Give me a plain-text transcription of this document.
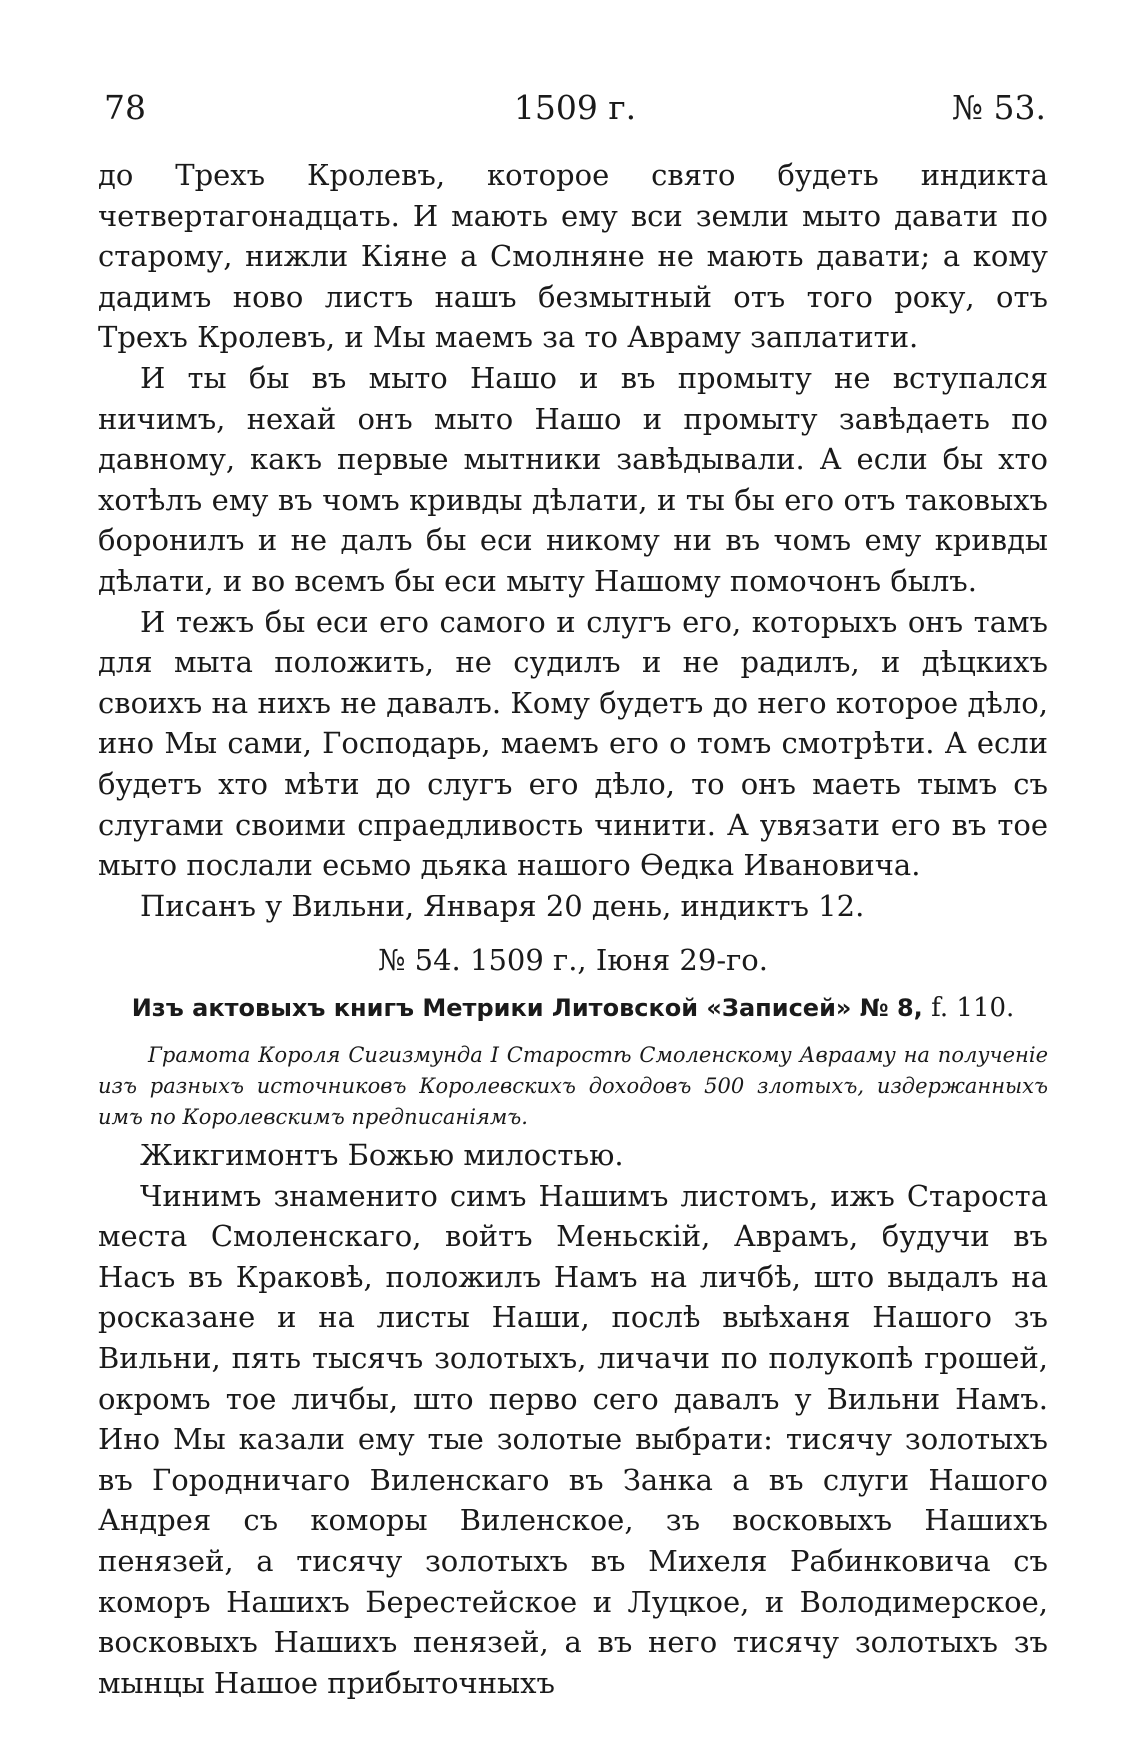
78	1509 г.	№ 53.

до Трехъ Кролевъ, которое свято будеть индикта четвертагонадцать. И мають ему вси земли мыто давати по старому, нижли Кіяне а Смолняне не мають давати; а кому дадимъ ново листъ нашъ безмытный отъ того року, отъ Трехъ Кролевъ, и Мы маемъ за то Авраму заплатити.

И ты бы въ мыто Нашо и въ промыту не вступался ничимъ, нехай онъ мыто Нашо и промыту завѣдаеть по давному, какъ первые мытники завѣдывали. А если бы хто хотѣлъ ему въ чомъ кривды дѣлати, и ты бы его отъ таковыхъ боронилъ и не далъ бы еси никому ни въ чомъ ему кривды дѣлати, и во всемъ бы еси мыту Нашому помочонъ былъ.

И тежъ бы еси его самого и слугъ его, которыхъ онъ тамъ для мыта положить, не судилъ и не радилъ, и дѣцкихъ своихъ на нихъ не давалъ. Кому будетъ до него которое дѣло, ино Мы сами, Господарь, маемъ его о томъ смотрѣти. А если будетъ хто мѣти до слугъ его дѣло, то онъ маеть тымъ съ слугами своими спраедливость чинити. А увязати его въ тое мыто послали есьмо дьяка нашого Ѳедка Ивановича.

Писанъ у Вильни, Января 20 день, индиктъ 12.

№ 54. 1509 г., Іюня 29-го.
Изъ актовыхъ книгъ Метрики Литовской «Записей» № 8, f. 110.
Грамота Короля Сигизмунда I Старостѣ Смоленскому Аврааму на полученіе изъ разныхъ источниковъ Королевскихъ доходовъ 500 злотыхъ, издержанныхъ имъ по Королевскимъ предписаніямъ.

Жикгимонтъ Божью милостью.

Чинимъ знаменито симъ Нашимъ листомъ, ижъ Староста места Смоленскаго, войтъ Меньскій, Аврамъ, будучи въ Насъ въ Краковѣ, положилъ Намъ на личбѣ, што выдалъ на росказане и на листы Наши, послѣ выѣханя Нашого зъ Вильни, пять тысячъ золотыхъ, личачи по полукопѣ грошей, окромъ тое личбы, што перво сего давалъ у Вильни Намъ. Ино Мы казали ему тые золотые выбрати: тисячу золотыхъ въ Городничаго Виленскаго въ Занка а въ слуги Нашого Андрея съ коморы Виленское, зъ восковыхъ Нашихъ пенязей, а тисячу золотыхъ въ Михеля Рабинковича съ коморъ Нашихъ Берестейское и Луцкое, и Володимерское, восковыхъ Нашихъ пенязей, а въ него тисячу золотыхъ зъ мынцы Нашое прибыточныхъ
